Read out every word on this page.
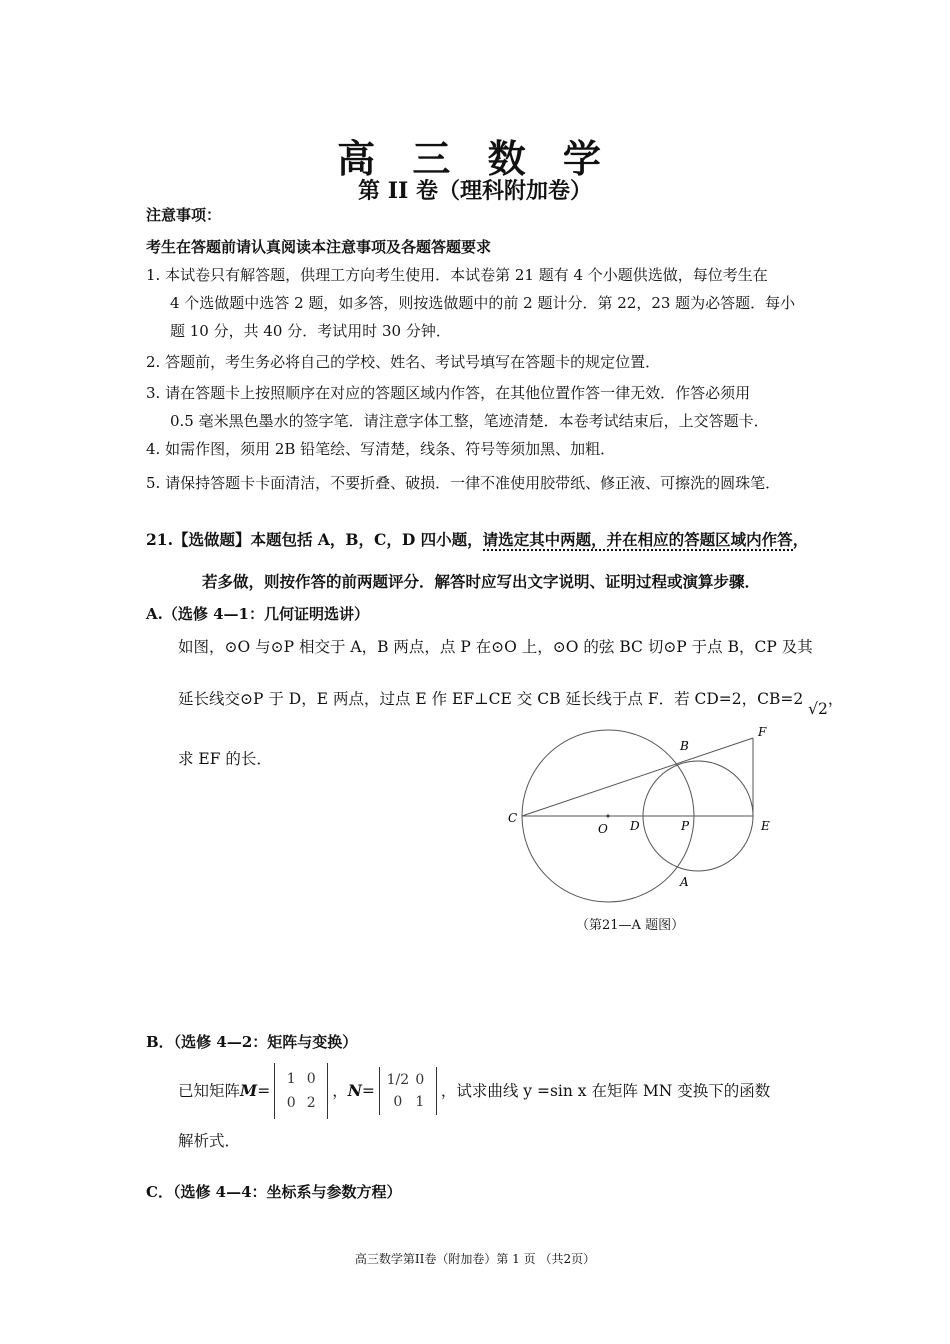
高 三 数 学
第 II 卷（理科附加卷）
注意事项：
考生在答题前请认真阅读本注意事项及各题答题要求
1. 本试卷只有解答题，供理工方向考生使用．本试卷第 21 题有 4 个小题供选做，每位考生在
4 个选做题中选答 2 题，如多答，则按选做题中的前 2 题计分．第 22，23 题为必答题．每小
题 10 分，共 40 分．考试用时 30 分钟．
2. 答题前，考生务必将自己的学校、姓名、考试号填写在答题卡的规定位置．
3. 请在答题卡上按照顺序在对应的答题区域内作答，在其他位置作答一律无效．作答必须用
0.5 毫米黑色墨水的签字笔．请注意字体工整，笔迹清楚．本卷考试结束后，上交答题卡．
4. 如需作图，须用 2B 铅笔绘、写清楚，线条、符号等须加黑、加粗．
5. 请保持答题卡卡面清洁，不要折叠、破损．一律不准使用胶带纸、修正液、可擦洗的圆珠笔．
21.【选做题】本题包括 A，B，C，D 四小题，请选定其中两题，并在相应的答题区域内作答，
若多做，则按作答的前两题评分．解答时应写出文字说明、证明过程或演算步骤．
A.（选修 4—1：几何证明选讲）
如图，⊙O 与⊙P 相交于 A，B 两点，点 P 在⊙O 上，⊙O 的弦 BC 切⊙P 于点 B，CP 及其
延长线交⊙P 于 D，E 两点，过点 E 作 EF⊥CE 交 CB 延长线于点 F．若 CD=2，CB=2 √2，
求 EF 的长．
C
O D	P	E
B
F
A
（第21—A 题图）
B．（选修 4—2：矩阵与变换）
已知矩阵 M =
1 0
0 2
， N =
1/2 0
0 1
，试求曲线 y =sin x 在矩阵 MN 变换下的函数
解析式．
C．（选修 4—4：坐标系与参数方程）
高三数学第II卷（附加卷）第 1 页 （共2页）
